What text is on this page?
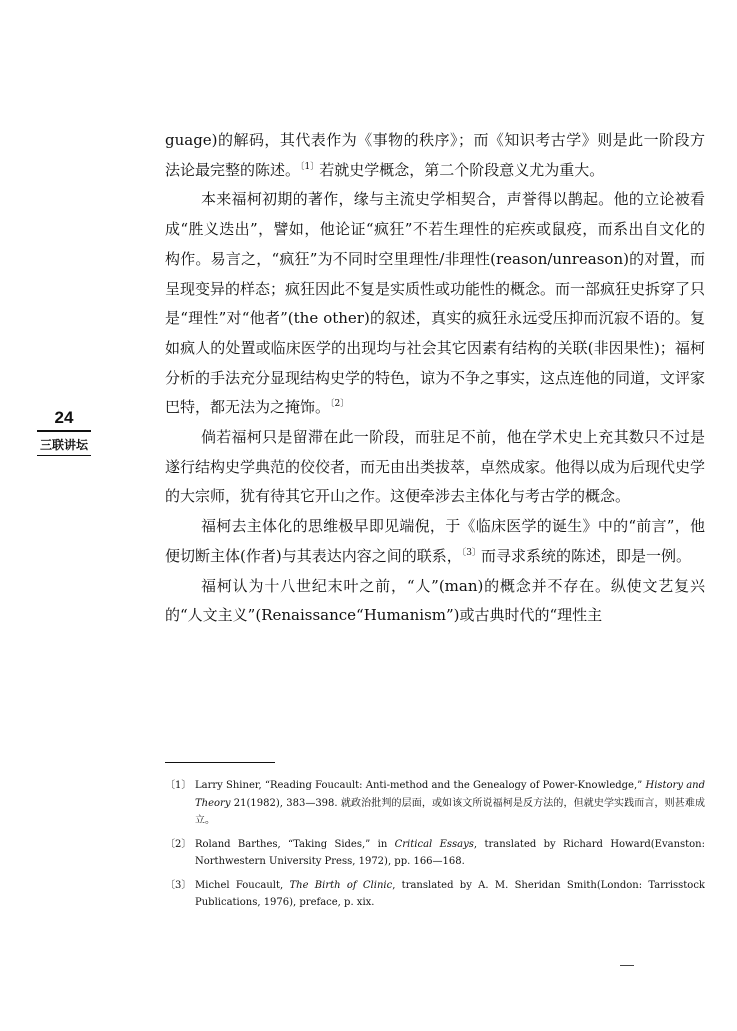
24
三联讲坛

guage)的解码，其代表作为《事物的秩序》；而《知识考古学》则是此一阶段方法论最完整的陈述。$^{〔1〕}$若就史学概念，第二个阶段意义尤为重大。

本来福柯初期的著作，缘与主流史学相契合，声誉得以鹊起。他的立论被看成“胜义迭出”，譬如，他论证“疯狂”不若生理性的疟疾或鼠疫，而系出自文化的构作。易言之，“疯狂”为不同时空里理性/非理性(reason/unreason)的对置，而呈现变异的样态；疯狂因此不复是实质性或功能性的概念。而一部疯狂史拆穿了只是“理性”对“他者”(the other)的叙述，真实的疯狂永远受压抑而沉寂不语的。复如疯人的处置或临床医学的出现均与社会其它因素有结构的关联(非因果性)；福柯分析的手法充分显现结构史学的特色，谅为不争之事实，这点连他的同道，文评家巴特，都无法为之掩饰。$^{〔2〕}$

倘若福柯只是留滞在此一阶段，而驻足不前，他在学术史上充其数只不过是遂行结构史学典范的佼佼者，而无由出类拔萃，卓然成家。他得以成为后现代史学的大宗师，犹有待其它开山之作。这便牵涉去主体化与考古学的概念。

福柯去主体化的思维极早即见端倪，于《临床医学的诞生》中的“前言”，他便切断主体(作者)与其表达内容之间的联系，$^{〔3〕}$而寻求系统的陈述，即是一例。

福柯认为十八世纪末叶之前，“人”(man)的概念并不存在。纵使文艺复兴的“人文主义”(Renaissance“Humanism”)或古典时代的“理性主

〔1〕 Larry Shiner, “Reading Foucault: Anti-method and the Genealogy of Power-Knowledge,” History and Theory 21(1982), 383—398. 就政治批判的层面，或如该文所说福柯是反方法的，但就史学实践而言，则甚难成立。
〔2〕 Roland Barthes, “Taking Sides,” in Critical Essays, translated by Richard Howard(Evanston: Northwestern University Press, 1972), pp. 166—168.
〔3〕 Michel Foucault, The Birth of Clinic, translated by A. M. Sheridan Smith(London: Tarrisstock Publications, 1976), preface, p. xix.
